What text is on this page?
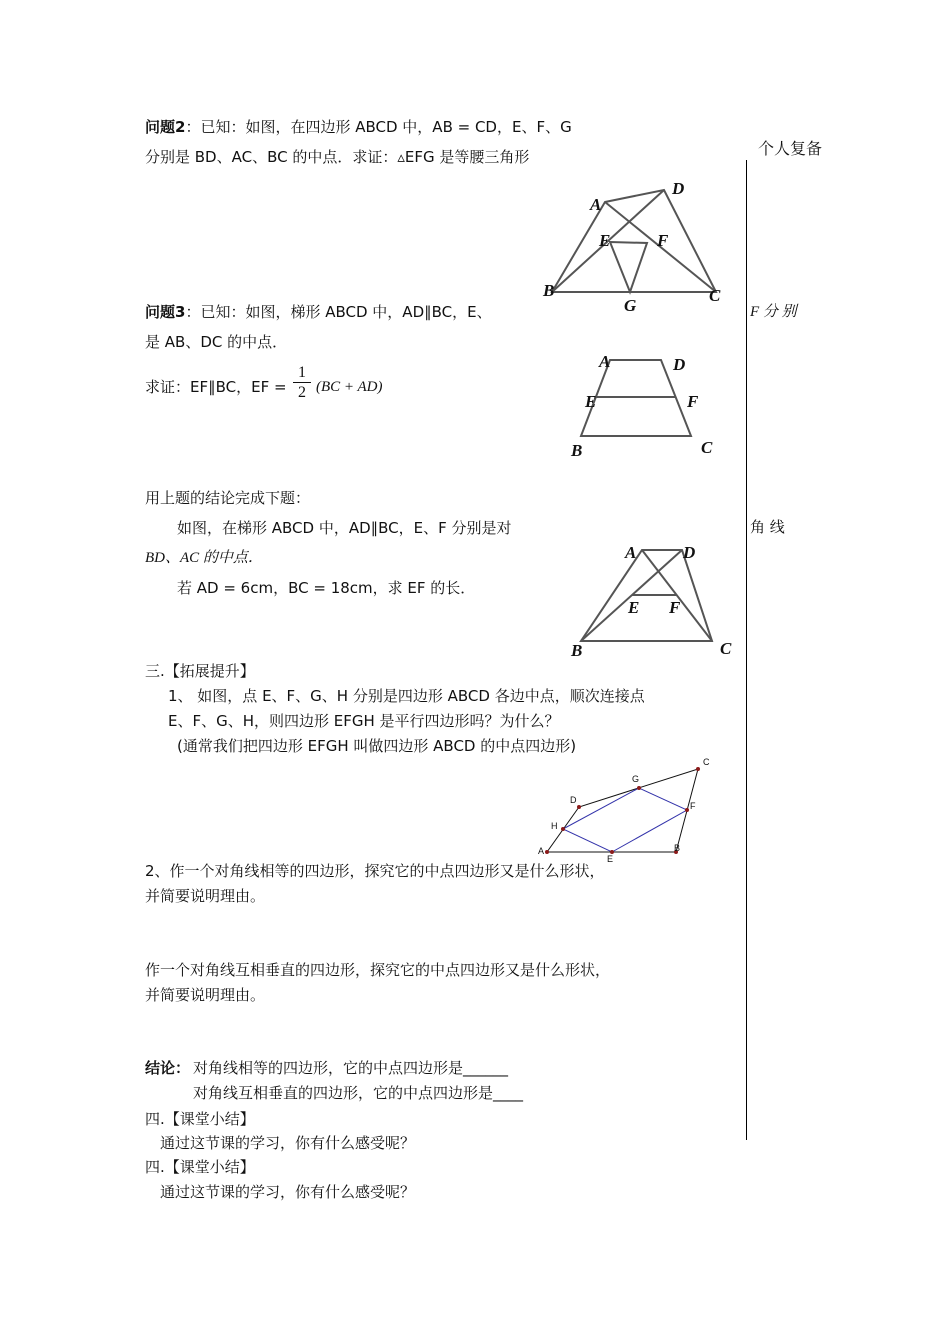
个人复备
F 分 别
角 线
问题2：已知：如图，在四边形 ABCD 中，AB = CD，E、F、G
分别是 BD、AC、BC 的中点．求证：▵EFG 是等腰三角形
A
D
E	F
B
G
C
问题3：已知：如图，梯形 ABCD 中，AD∥BC，E、
是 AB、DC 的中点．
求证：EF∥BC，EF = $\frac{1}{2} (BC + AD)$
A	D
E	F
B	C
用上题的结论完成下题：
如图，在梯形 ABCD 中，AD∥BC，E、F 分别是对
BD、AC 的中点．
若 AD = 6cm，BC = 18cm，求 EF 的长．
A	D
E F
B	C
三.【拓展提升】
1、 如图，点 E、F、G、H 分别是四边形 ABCD 各边中点，顺次连接点
E、F、G、H，则四边形 EFGH 是平行四边形吗？为什么？
(通常我们把四边形 EFGH 叫做四边形 ABCD 的中点四边形)
C
G
D
F
H
A	B
E
2、作一个对角线相等的四边形，探究它的中点四边形又是什么形状，
并简要说明理由。
作一个对角线互相垂直的四边形，探究它的中点四边形又是什么形状，
并简要说明理由。
结论： 对角线相等的四边形，它的中点四边形是______
对角线互相垂直的四边形，它的中点四边形是____
四.【课堂小结】
通过这节课的学习，你有什么感受呢？
四.【课堂小结】
通过这节课的学习，你有什么感受呢？
